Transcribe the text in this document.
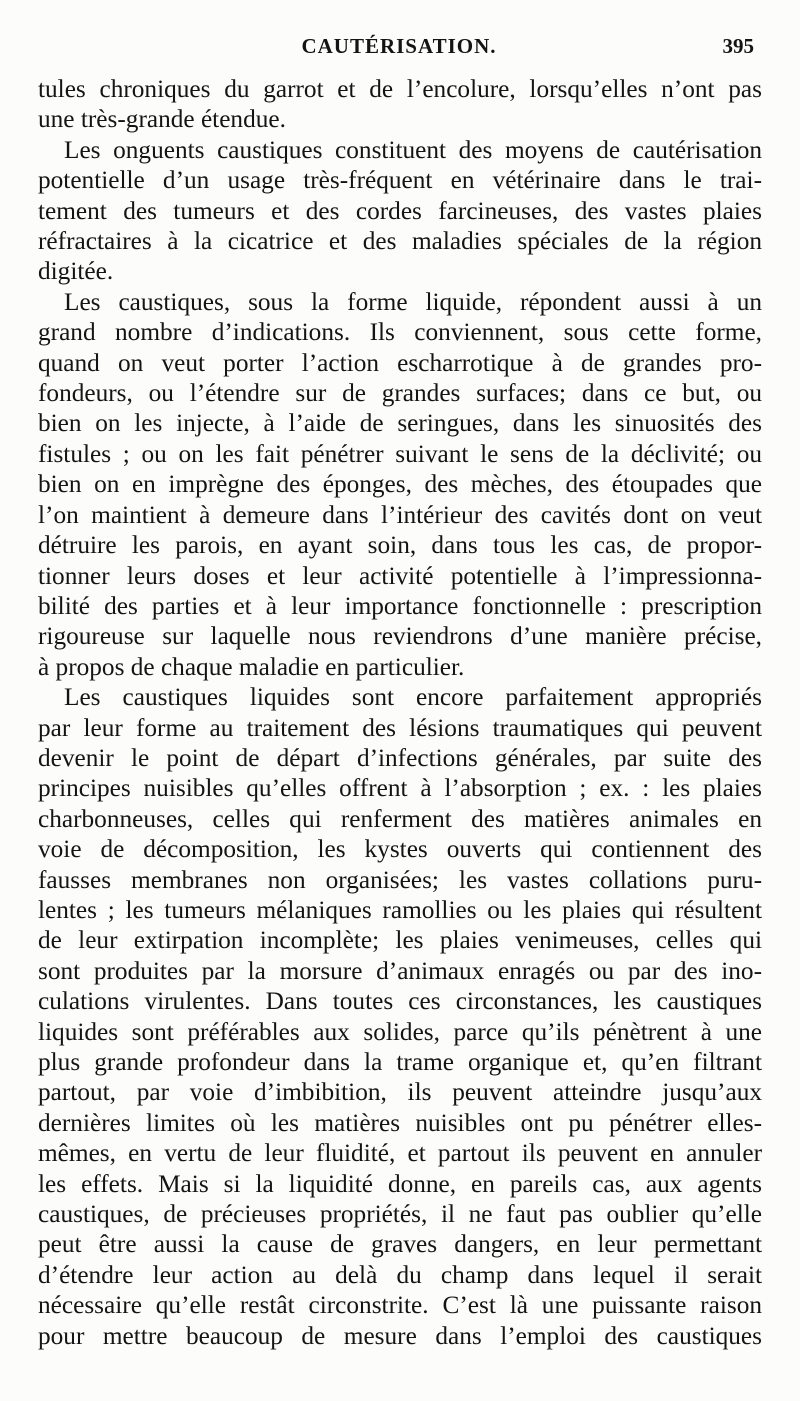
CAUTÉRISATION.	395

tules chroniques du garrot et de l’encolure, lorsqu’elles n’ont pas
une très-grande étendue.

Les onguents caustiques constituent des moyens de cautérisation
potentielle d’un usage très-fréquent en vétérinaire dans le trai-
tement des tumeurs et des cordes farcineuses, des vastes plaies
réfractaires à la cicatrice et des maladies spéciales de la région
digitée.

Les caustiques, sous la forme liquide, répondent aussi à un
grand nombre d’indications. Ils conviennent, sous cette forme,
quand on veut porter l’action escharrotique à de grandes pro-
fondeurs, ou l’étendre sur de grandes surfaces; dans ce but, ou
bien on les injecte, à l’aide de seringues, dans les sinuosités des
fistules ; ou on les fait pénétrer suivant le sens de la déclivité; ou
bien on en imprègne des éponges, des mèches, des étoupades que
l’on maintient à demeure dans l’intérieur des cavités dont on veut
détruire les parois, en ayant soin, dans tous les cas, de propor-
tionner leurs doses et leur activité potentielle à l’impressionna-
bilité des parties et à leur importance fonctionnelle : prescription
rigoureuse sur laquelle nous reviendrons d’une manière précise,
à propos de chaque maladie en particulier.

Les caustiques liquides sont encore parfaitement appropriés
par leur forme au traitement des lésions traumatiques qui peuvent
devenir le point de départ d’infections générales, par suite des
principes nuisibles qu’elles offrent à l’absorption ; ex. : les plaies
charbonneuses, celles qui renferment des matières animales en
voie de décomposition, les kystes ouverts qui contiennent des
fausses membranes non organisées; les vastes collations puru-
lentes ; les tumeurs mélaniques ramollies ou les plaies qui résultent
de leur extirpation incomplète; les plaies venimeuses, celles qui
sont produites par la morsure d’animaux enragés ou par des ino-
culations virulentes. Dans toutes ces circonstances, les caustiques
liquides sont préférables aux solides, parce qu’ils pénètrent à une
plus grande profondeur dans la trame organique et, qu’en filtrant
partout, par voie d’imbibition, ils peuvent atteindre jusqu’aux
dernières limites où les matières nuisibles ont pu pénétrer elles-
mêmes, en vertu de leur fluidité, et partout ils peuvent en annuler
les effets. Mais si la liquidité donne, en pareils cas, aux agents
caustiques, de précieuses propriétés, il ne faut pas oublier qu’elle
peut être aussi la cause de graves dangers, en leur permettant
d’étendre leur action au delà du champ dans lequel il serait
nécessaire qu’elle restât circonstrite. C’est là une puissante raison
pour mettre beaucoup de mesure dans l’emploi des caustiques
